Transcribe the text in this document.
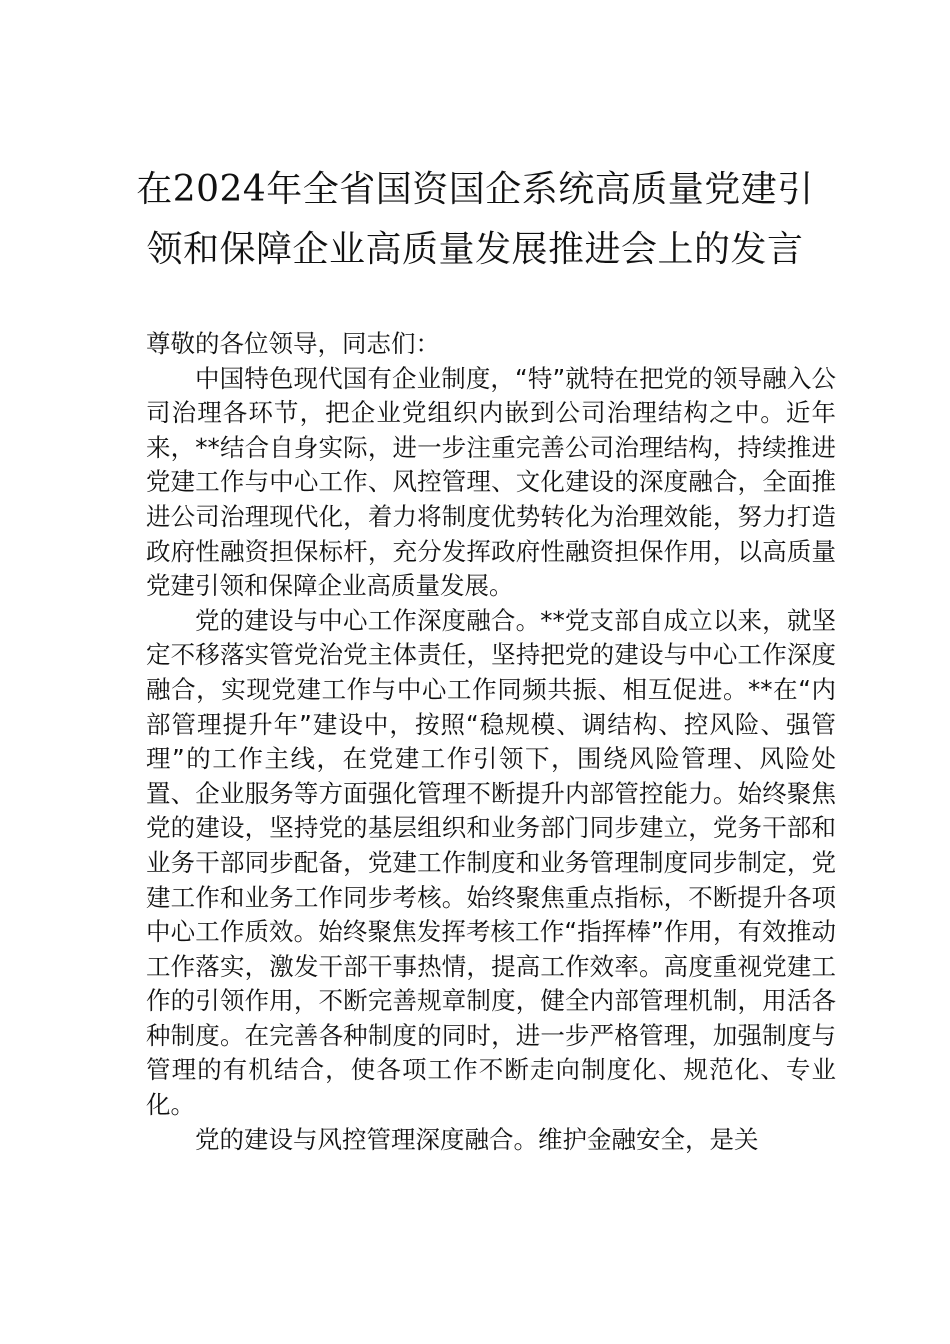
在2024年全省国资国企系统高质量党建引
领和保障企业高质量发展推进会上的发言

尊敬的各位领导，同志们：

中国特色现代国有企业制度，“特”就特在把党的领导融入公司治理各环节，把企业党组织内嵌到公司治理结构之中。近年来，**结合自身实际，进一步注重完善公司治理结构，持续推进党建工作与中心工作、风控管理、文化建设的深度融合，全面推进公司治理现代化，着力将制度优势转化为治理效能，努力打造政府性融资担保标杆，充分发挥政府性融资担保作用，以高质量党建引领和保障企业高质量发展。

党的建设与中心工作深度融合。**党支部自成立以来，就坚定不移落实管党治党主体责任，坚持把党的建设与中心工作深度融合，实现党建工作与中心工作同频共振、相互促进。**在“内部管理提升年”建设中，按照“稳规模、调结构、控风险、强管理”的工作主线，在党建工作引领下，围绕风险管理、风险处置、企业服务等方面强化管理不断提升内部管控能力。始终聚焦党的建设，坚持党的基层组织和业务部门同步建立，党务干部和业务干部同步配备，党建工作制度和业务管理制度同步制定，党建工作和业务工作同步考核。始终聚焦重点指标，不断提升各项中心工作质效。始终聚焦发挥考核工作“指挥棒”作用，有效推动工作落实，激发干部干事热情，提高工作效率。高度重视党建工作的引领作用，不断完善规章制度，健全内部管理机制，用活各种制度。在完善各种制度的同时，进一步严格管理，加强制度与管理的有机结合，使各项工作不断走向制度化、规范化、专业化。

党的建设与风控管理深度融合。维护金融安全，是关
